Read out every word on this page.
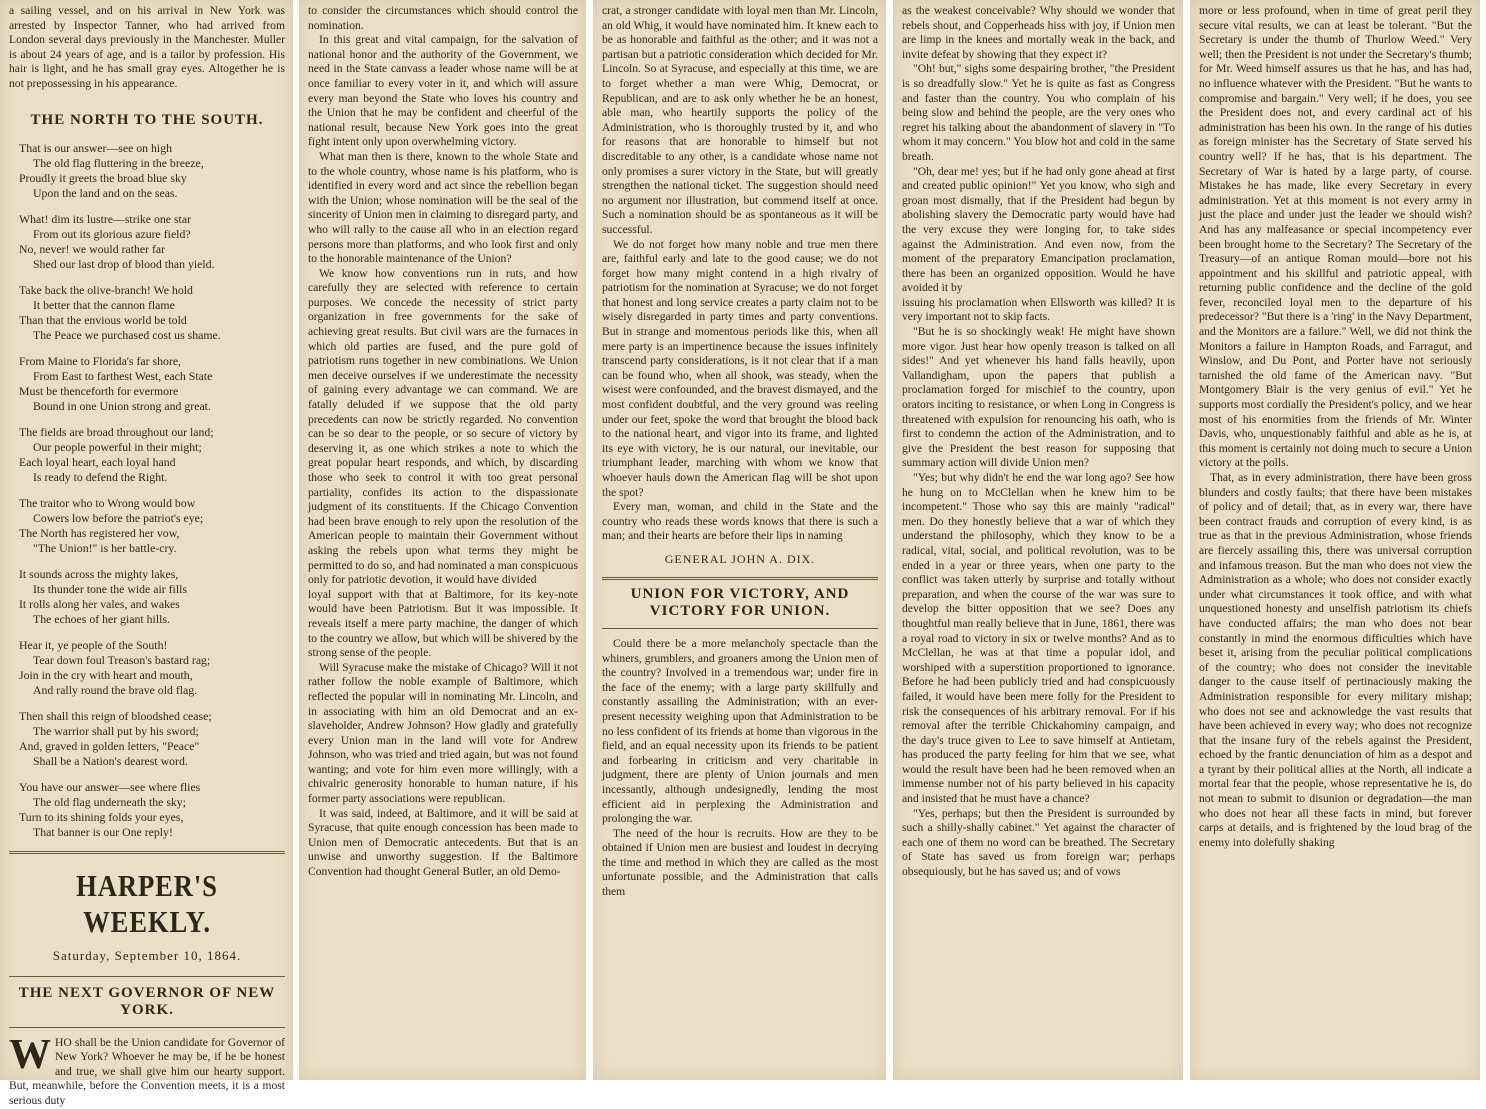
a sailing vessel, and on his arrival in New York was arrested by Inspector Tanner, who had arrived from London several days previously in the Manchester. Muller is about 24 years of age, and is a tailor by profession. His hair is light, and he has small gray eyes. Altogether he is not prepossessing in his appearance.

THE NORTH TO THE SOUTH.
That is our answer—see on high
The old flag fluttering in the breeze,
Proudly it greets the broad blue sky
Upon the land and on the seas.
What! dim its lustre—strike one star
From out its glorious azure field?
No, never! we would rather far
Shed our last drop of blood than yield.
Take back the olive-branch! We hold
It better that the cannon flame
Than that the envious world be told
The Peace we purchased cost us shame.
From Maine to Florida's far shore,
From East to farthest West, each State
Must be thenceforth for evermore
Bound in one Union strong and great.
The fields are broad throughout our land;
Our people powerful in their might;
Each loyal heart, each loyal hand
Is ready to defend the Right.
The traitor who to Wrong would bow
Cowers low before the patriot's eye;
The North has registered her vow,
"The Union!" is her battle-cry.
It sounds across the mighty lakes,
Its thunder tone the wide air fills
It rolls along her vales, and wakes
The echoes of her giant hills.
Hear it, ye people of the South!
Tear down foul Treason's bastard rag;
Join in the cry with heart and mouth,
And rally round the brave old flag.
Then shall this reign of bloodshed cease;
The warrior shall put by his sword;
And, graved in golden letters, "Peace"
Shall be a Nation's dearest word.
You have our answer—see where flies
The old flag underneath the sky;
Turn to its shining folds your eyes,
That banner is our One reply!
HARPER'S WEEKLY.
Saturday, September 10, 1864.
THE NEXT GOVERNOR OF NEW YORK.

WHO shall be the Union candidate for Governor of New York? Whoever he may be, if he be honest and true, we shall give him our hearty support. But, meanwhile, before the Convention meets, it is a most serious duty

to consider the circumstances which should control the nomination.

In this great and vital campaign, for the salvation of national honor and the authority of the Government, we need in the State canvass a leader whose name will be at once familiar to every voter in it, and which will assure every man beyond the State who loves his country and the Union that he may be confident and cheerful of the national result, because New York goes into the great fight intent only upon overwhelming victory.

What man then is there, known to the whole State and to the whole country, whose name is his platform, who is identified in every word and act since the rebellion began with the Union; whose nomination will be the seal of the sincerity of Union men in claiming to disregard party, and who will rally to the cause all who in an election regard persons more than platforms, and who look first and only to the honorable maintenance of the Union?

We know how conventions run in ruts, and how carefully they are selected with reference to certain purposes. We concede the necessity of strict party organization in free governments for the sake of achieving great results. But civil wars are the furnaces in which old parties are fused, and the pure gold of patriotism runs together in new combinations. We Union men deceive ourselves if we underestimate the necessity of gaining every advantage we can command. We are fatally deluded if we suppose that the old party precedents can now be strictly regarded. No convention can be so dear to the people, or so secure of victory by deserving it, as one which strikes a note to which the great popular heart responds, and which, by discarding those who seek to control it with too great personal partiality, confides its action to the dispassionate judgment of its constituents. If the Chicago Convention had been brave enough to rely upon the resolution of the American people to maintain their Government without asking the rebels upon what terms they might be permitted to do so, and had nominated a man conspicuous only for patriotic devotion, it would have divided

loyal support with that at Baltimore, for its key-note would have been Patriotism. But it was impossible. It reveals itself a mere party machine, the danger of which to the country we allow, but which will be shivered by the strong sense of the people.

Will Syracuse make the mistake of Chicago? Will it not rather follow the noble example of Baltimore, which reflected the popular will in nominating Mr. Lincoln, and in associating with him an old Democrat and an ex-slaveholder, Andrew Johnson? How gladly and gratefully every Union man in the land will vote for Andrew Johnson, who was tried and tried again, but was not found wanting; and vote for him even more willingly, with a chivalric generosity honorable to human nature, if his former party associations were republican.

It was said, indeed, at Baltimore, and it will be said at Syracuse, that quite enough concession has been made to Union men of Democratic antecedents. But that is an unwise and unworthy suggestion. If the Baltimore Convention had thought General Butler, an old Demo-

crat, a stronger candidate with loyal men than Mr. Lincoln, an old Whig, it would have nominated him. It knew each to be as honorable and faithful as the other; and it was not a partisan but a patriotic consideration which decided for Mr. Lincoln. So at Syracuse, and especially at this time, we are to forget whether a man were Whig, Democrat, or Republican, and are to ask only whether he be an honest, able man, who heartily supports the policy of the Administration, who is thoroughly trusted by it, and who for reasons that are honorable to himself but not discreditable to any other, is a candidate whose name not only promises a surer victory in the State, but will greatly strengthen the national ticket. The suggestion should need no argument nor illustration, but commend itself at once. Such a nomination should be as spontaneous as it will be successful.

We do not forget how many noble and true men there are, faithful early and late to the good cause; we do not forget how many might contend in a high rivalry of patriotism for the nomination at Syracuse; we do not forget that honest and long service creates a party claim not to be wisely disregarded in party times and party conventions. But in strange and momentous periods like this, when all mere party is an impertinence because the issues infinitely transcend party considerations, is it not clear that if a man can be found who, when all shook, was steady, when the wisest were confounded, and the bravest dismayed, and the most confident doubtful, and the very ground was reeling under our feet, spoke the word that brought the blood back to the national heart, and vigor into its frame, and lighted its eye with victory, he is our natural, our inevitable, our triumphant leader, marching with whom we know that whoever hauls down the American flag will be shot upon the spot?

Every man, woman, and child in the State and the country who reads these words knows that there is such a man; and their hearts are before their lips in naming

GENERAL JOHN A. DIX.
UNION FOR VICTORY, AND VICTORY FOR UNION.

Could there be a more melancholy spectacle than the whiners, grumblers, and groaners among the Union men of the country? Involved in a tremendous war; under fire in the face of the enemy; with a large party skillfully and constantly assailing the Administration; with an ever-present necessity weighing upon that Administration to be no less confident of its friends at home than vigorous in the field, and an equal necessity upon its friends to be patient and forbearing in criticism and very charitable in judgment, there are plenty of Union journals and men incessantly, although undesignedly, lending the most efficient aid in perplexing the Administration and prolonging the war.

The need of the hour is recruits. How are they to be obtained if Union men are busiest and loudest in decrying the time and method in which they are called as the most unfortunate possible, and the Administration that calls them

as the weakest conceivable? Why should we wonder that rebels shout, and Copperheads hiss with joy, if Union men are limp in the knees and mortally weak in the back, and invite defeat by showing that they expect it?

"Oh! but," sighs some despairing brother, "the President is so dreadfully slow." Yet he is quite as fast as Congress and faster than the country. You who complain of his being slow and behind the people, are the very ones who regret his talking about the abandonment of slavery in "To whom it may concern." You blow hot and cold in the same breath.

"Oh, dear me! yes; but if he had only gone ahead at first and created public opinion!" Yet you know, who sigh and groan most dismally, that if the President had begun by abolishing slavery the Democratic party would have had the very excuse they were longing for, to take sides against the Administration. And even now, from the moment of the preparatory Emancipation proclamation, there has been an organized opposition. Would he have avoided it by

issuing his proclamation when Ellsworth was killed? It is very important not to skip facts.

"But he is so shockingly weak! He might have shown more vigor. Just hear how openly treason is talked on all sides!" And yet whenever his hand falls heavily, upon Vallandigham, upon the papers that publish a proclamation forged for mischief to the country, upon orators inciting to resistance, or when Long in Congress is threatened with expulsion for renouncing his oath, who is first to condemn the action of the Administration, and to give the President the best reason for supposing that summary action will divide Union men?

"Yes; but why didn't he end the war long ago? See how he hung on to McClellan when he knew him to be incompetent." Those who say this are mainly "radical" men. Do they honestly believe that a war of which they understand the philosophy, which they know to be a radical, vital, social, and political revolution, was to be ended in a year or three years, when one party to the conflict was taken utterly by surprise and totally without preparation, and when the course of the war was sure to develop the bitter opposition that we see? Does any thoughtful man really believe that in June, 1861, there was a royal road to victory in six or twelve months? And as to McClellan, he was at that time a popular idol, and worshiped with a superstition proportioned to ignorance. Before he had been publicly tried and had conspicuously failed, it would have been mere folly for the President to risk the consequences of his arbitrary removal. For if his removal after the terrible Chickahominy campaign, and the day's truce given to Lee to save himself at Antietam, has produced the party feeling for him that we see, what would the result have been had he been removed when an immense number not of his party believed in his capacity and insisted that he must have a chance?

"Yes, perhaps; but then the President is surrounded by such a shilly-shally cabinet." Yet against the character of each one of them no word can be breathed. The Secretary of State has saved us from foreign war; perhaps obsequiously, but he has saved us; and of vows

more or less profound, when in time of great peril they secure vital results, we can at least be tolerant. "But the Secretary is under the thumb of Thurlow Weed." Very well; then the President is not under the Secretary's thumb; for Mr. Weed himself assures us that he has, and has had, no influence whatever with the President. "But he wants to compromise and bargain." Very well; if he does, you see the President does not, and every cardinal act of his administration has been his own. In the range of his duties as foreign minister has the Secretary of State served his country well? If he has, that is his department. The Secretary of War is hated by a large party, of course. Mistakes he has made, like every Secretary in every administration. Yet at this moment is not every army in just the place and under just the leader we should wish? And has any malfeasance or special incompetency ever been brought home to the Secretary? The Secretary of the Treasury—of an antique Roman mould—bore not his appointment and his skillful and patriotic appeal, with returning public confidence and the decline of the gold fever, reconciled loyal men to the departure of his predecessor? "But there is a 'ring' in the Navy Department, and the Monitors are a failure." Well, we did not think the Monitors a failure in Hampton Roads, and Farragut, and Winslow, and Du Pont, and Porter have not seriously tarnished the old fame of the American navy. "But Montgomery Blair is the very genius of evil." Yet he supports most cordially the President's policy, and we hear most of his enormities from the friends of Mr. Winter Davis, who, unquestionably faithful and able as he is, at this moment is certainly not doing much to secure a Union victory at the polls.

That, as in every administration, there have been gross blunders and costly faults; that there have been mistakes of policy and of detail; that, as in every war, there have been contract frauds and corruption of every kind, is as true as that in the previous Administration, whose friends are fiercely assailing this, there was universal corruption and infamous treason. But the man who does not view the Administration as a whole; who does not consider exactly under what circumstances it took office, and with what unquestioned honesty and unselfish patriotism its chiefs have conducted affairs; the man who does not bear constantly in mind the enormous difficulties which have beset it, arising from the peculiar political complications of the country; who does not consider the inevitable danger to the cause itself of pertinaciously making the Administration responsible for every military mishap; who does not see and acknowledge the vast results that have been achieved in every way; who does not recognize that the insane fury of the rebels against the President, echoed by the frantic denunciation of him as a despot and a tyrant by their political allies at the North, all indicate a mortal fear that the people, whose representative he is, do not mean to submit to disunion or degradation—the man who does not hear all these facts in mind, but forever carps at details, and is frightened by the loud brag of the enemy into dolefully shaking
